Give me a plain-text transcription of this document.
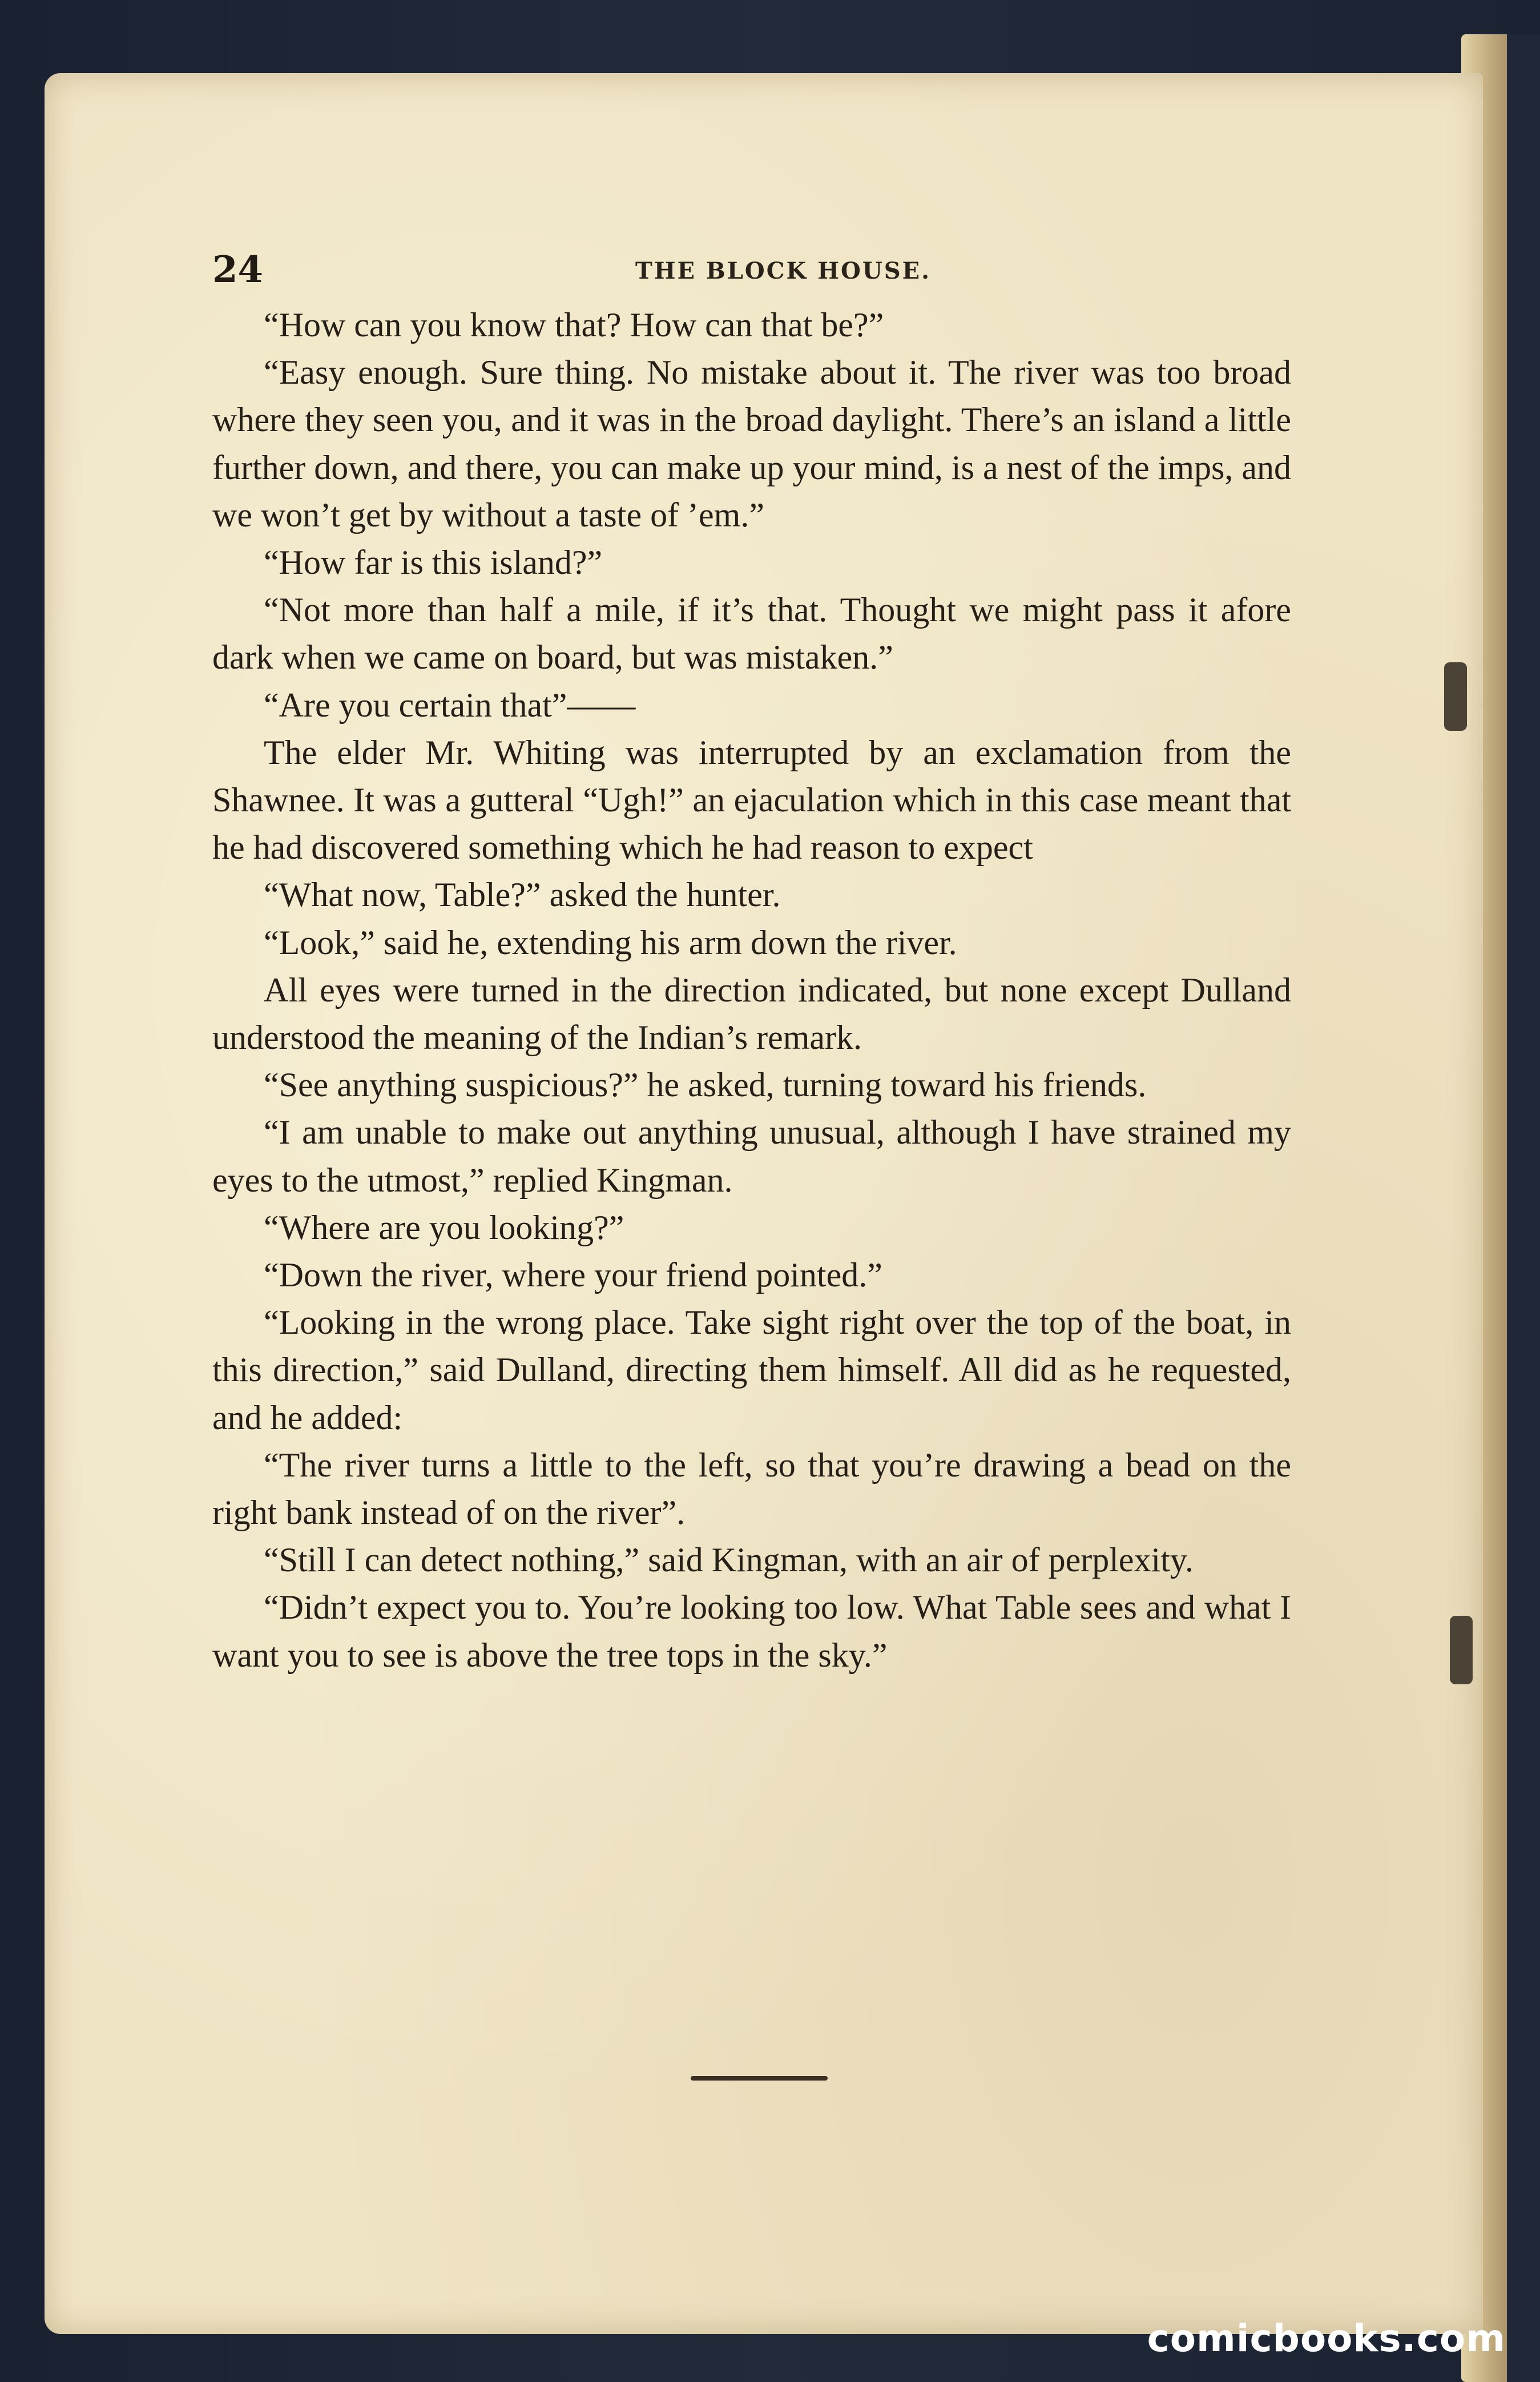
24	THE BLOCK HOUSE.

“How can you know that? How can that be?”

“Easy enough. Sure thing. No mistake about it. The river was too broad where they seen you, and it was in the broad daylight. There’s an island a little further down, and there, you can make up your mind, is a nest of the imps, and we won’t get by without a taste of ’em.”

“How far is this island?”

“Not more than half a mile, if it’s that. Thought we might pass it afore dark when we came on board, but was mistaken.”

“Are you certain that”——

The elder Mr. Whiting was interrupted by an exclamation from the Shawnee. It was a gutteral “Ugh!” an ejaculation which in this case meant that he had discovered something which he had reason to expect

“What now, Table?” asked the hunter.

“Look,” said he, extending his arm down the river.

All eyes were turned in the direction indicated, but none except Dulland understood the meaning of the Indian’s remark.

“See anything suspicious?” he asked, turning toward his friends.

“I am unable to make out anything unusual, although I have strained my eyes to the utmost,” replied Kingman.

“Where are you looking?”

“Down the river, where your friend pointed.”

“Looking in the wrong place. Take sight right over the top of the boat, in this direction,” said Dulland, directing them himself. All did as he requested, and he added:

“The river turns a little to the left, so that you’re drawing a bead on the right bank instead of on the river”.

“Still I can detect nothing,” said Kingman, with an air of perplexity.

“Didn’t expect you to. You’re looking too low. What Table sees and what I want you to see is above the tree tops in the sky.”

comicbooks.com
